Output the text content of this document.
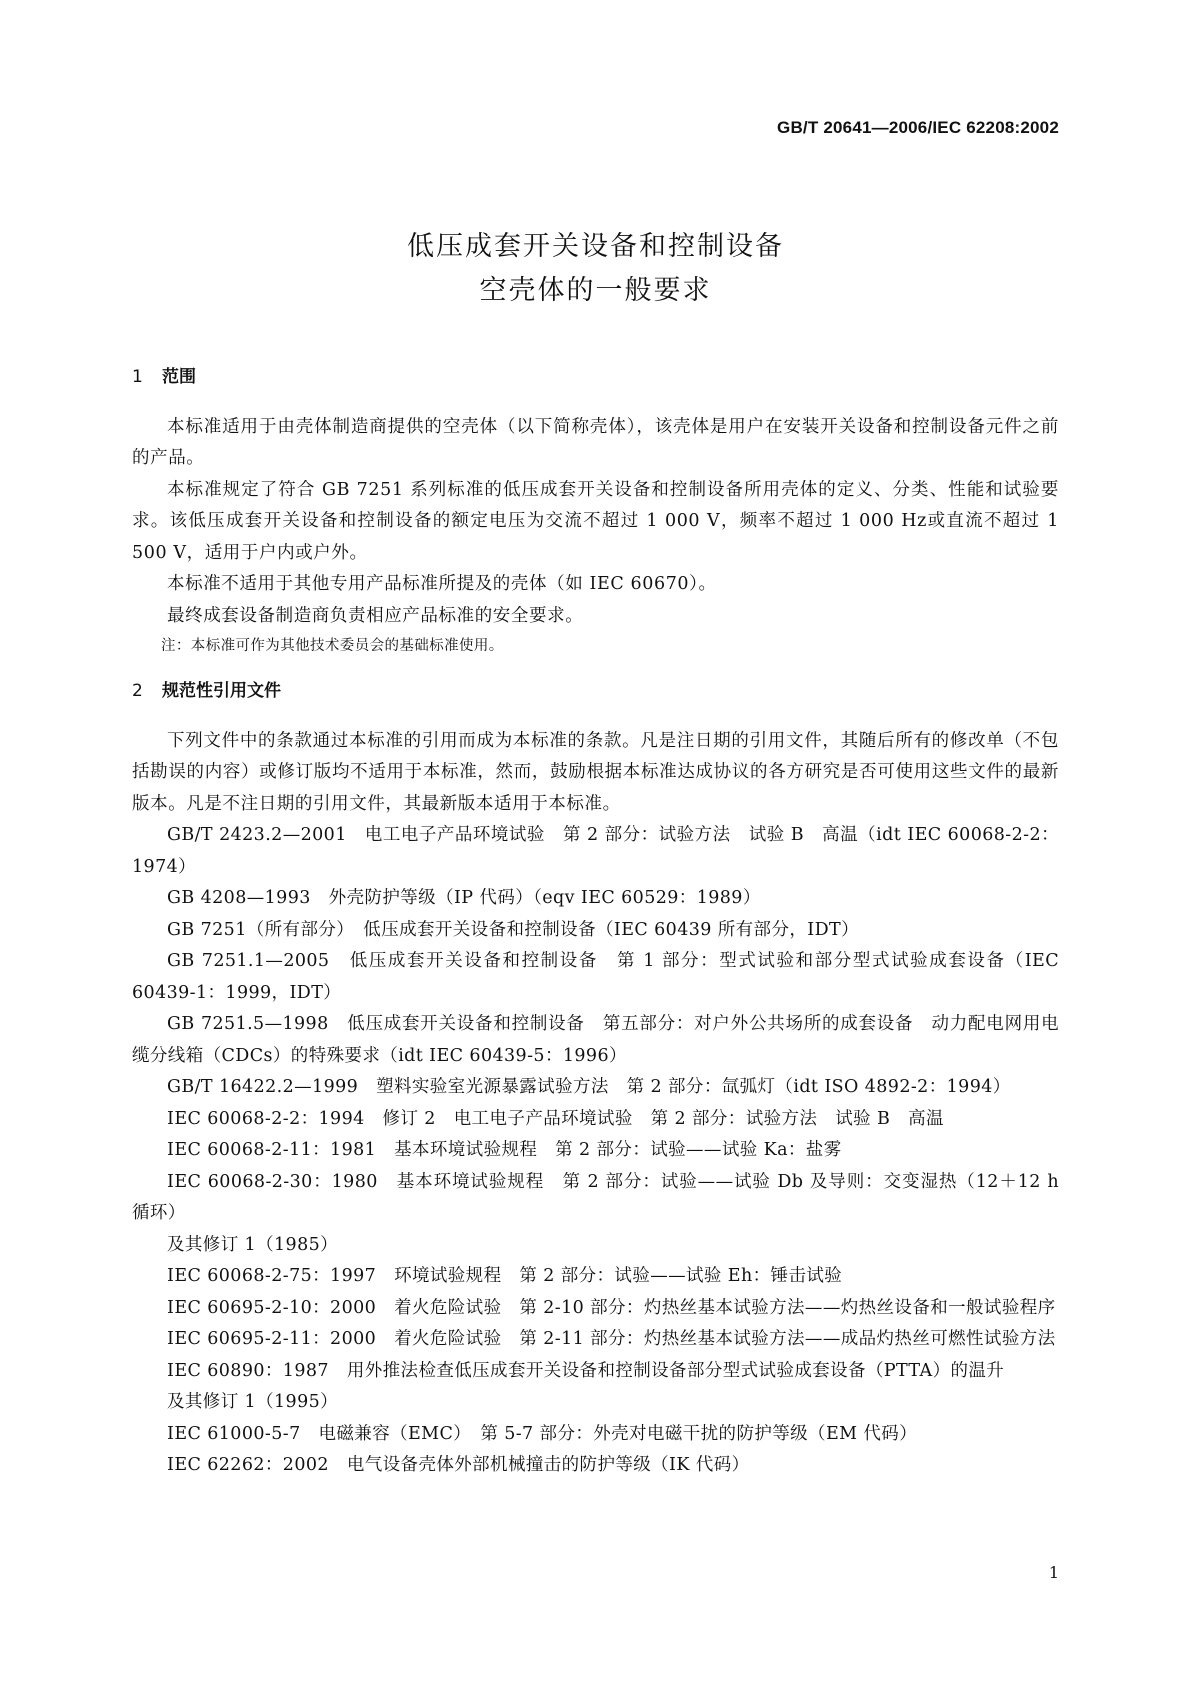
GB/T 20641—2006/IEC 62208:2002
低压成套开关设备和控制设备
空壳体的一般要求
1 范围

本标准适用于由壳体制造商提供的空壳体（以下简称壳体），该壳体是用户在安装开关设备和控制设备元件之前的产品。

本标准规定了符合 GB 7251 系列标准的低压成套开关设备和控制设备所用壳体的定义、分类、性能和试验要求。该低压成套开关设备和控制设备的额定电压为交流不超过 1 000 V，频率不超过 1 000 Hz或直流不超过 1 500 V，适用于户内或户外。

本标准不适用于其他专用产品标准所提及的壳体（如 IEC 60670）。

最终成套设备制造商负责相应产品标准的安全要求。

注：本标准可作为其他技术委员会的基础标准使用。

2 规范性引用文件

下列文件中的条款通过本标准的引用而成为本标准的条款。凡是注日期的引用文件，其随后所有的修改单（不包括勘误的内容）或修订版均不适用于本标准，然而，鼓励根据本标准达成协议的各方研究是否可使用这些文件的最新版本。凡是不注日期的引用文件，其最新版本适用于本标准。

GB/T 2423.2—2001　电工电子产品环境试验　第 2 部分：试验方法　试验 B　高温（idt IEC 60068-2-2：1974）

GB 4208—1993　外壳防护等级（IP 代码）（eqv IEC 60529：1989）

GB 7251（所有部分）　低压成套开关设备和控制设备（IEC 60439 所有部分，IDT）

GB 7251.1—2005　低压成套开关设备和控制设备　第 1 部分：型式试验和部分型式试验成套设备（IEC 60439-1：1999，IDT）

GB 7251.5—1998　低压成套开关设备和控制设备　第五部分：对户外公共场所的成套设备　动力配电网用电缆分线箱（CDCs）的特殊要求（idt IEC 60439-5：1996）

GB/T 16422.2—1999　塑料实验室光源暴露试验方法　第 2 部分：氙弧灯（idt ISO 4892-2：1994）

IEC 60068-2-2：1994　修订 2　电工电子产品环境试验　第 2 部分：试验方法　试验 B　高温

IEC 60068-2-11：1981　基本环境试验规程　第 2 部分：试验——试验 Ka：盐雾

IEC 60068-2-30：1980　基本环境试验规程　第 2 部分：试验——试验 Db 及导则：交变湿热（12＋12 h 循环）

及其修订 1（1985）

IEC 60068-2-75：1997　环境试验规程　第 2 部分：试验——试验 Eh：锤击试验

IEC 60695-2-10：2000　着火危险试验　第 2-10 部分：灼热丝基本试验方法——灼热丝设备和一般试验程序

IEC 60695-2-11：2000　着火危险试验　第 2-11 部分：灼热丝基本试验方法——成品灼热丝可燃性试验方法

IEC 60890：1987　用外推法检查低压成套开关设备和控制设备部分型式试验成套设备（PTTA）的温升

及其修订 1（1995）

IEC 61000-5-7　电磁兼容（EMC）　第 5-7 部分：外壳对电磁干扰的防护等级（EM 代码）

IEC 62262：2002　电气设备壳体外部机械撞击的防护等级（IK 代码）

1
